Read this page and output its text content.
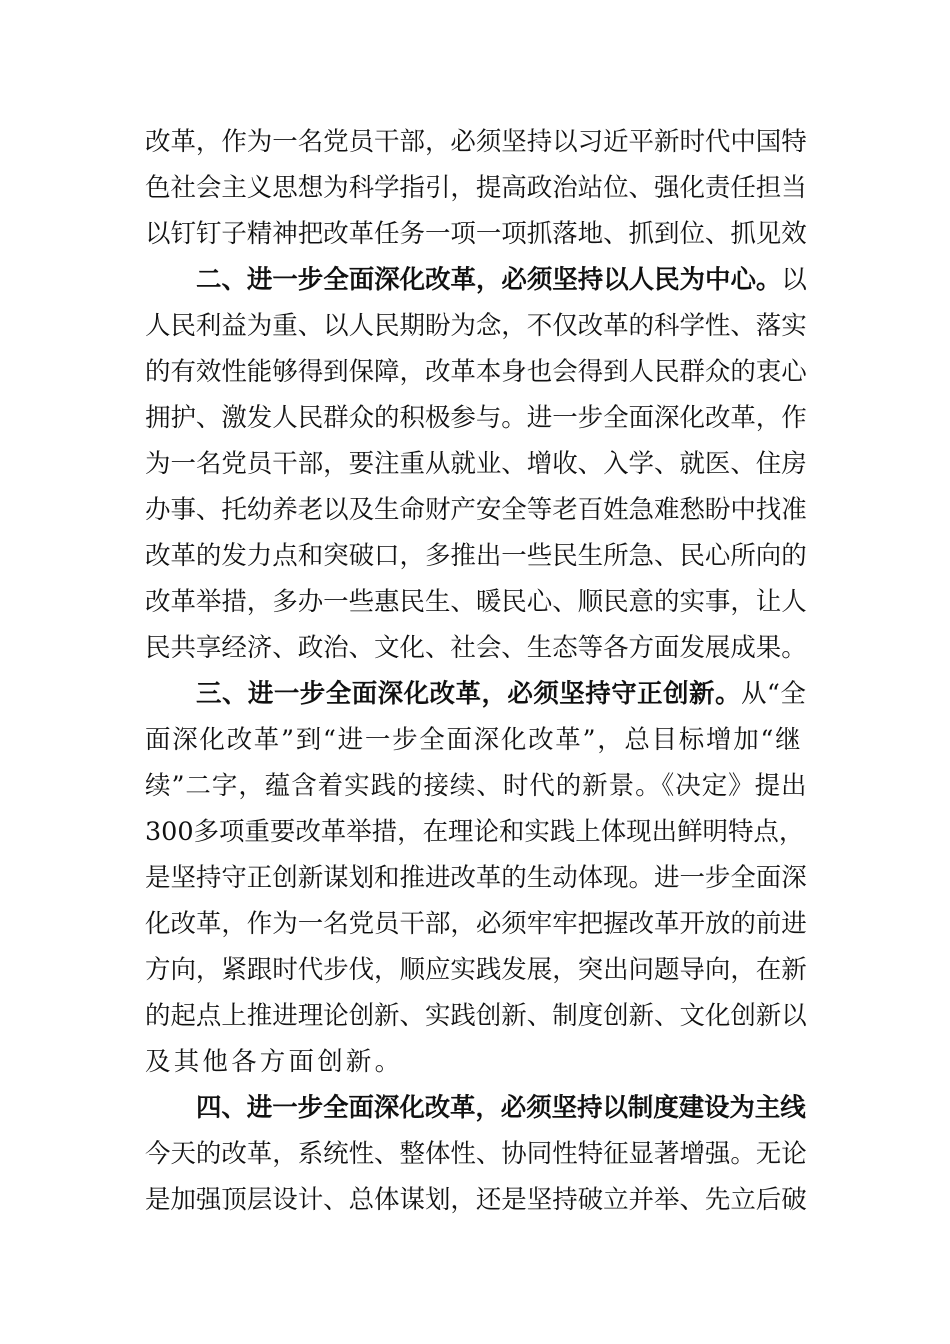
改革，作为一名党员干部，必须坚持以习近平新时代中国特
色社会主义思想为科学指引，提高政治站位、强化责任担当
以钉钉子精神把改革任务一项一项抓落地、抓到位、抓见效
二、进一步全面深化改革，必须坚持以人民为中心。以
人民利益为重、以人民期盼为念，不仅改革的科学性、落实
的有效性能够得到保障，改革本身也会得到人民群众的衷心
拥护、激发人民群众的积极参与。进一步全面深化改革，作
为一名党员干部，要注重从就业、增收、入学、就医、住房
办事、托幼养老以及生命财产安全等老百姓急难愁盼中找准
改革的发力点和突破口，多推出一些民生所急、民心所向的
改革举措，多办一些惠民生、暖民心、顺民意的实事，让人
民共享经济、政治、文化、社会、生态等各方面发展成果。
三、进一步全面深化改革，必须坚持守正创新。从“全
面深化改革”到“进一步全面深化改革”，总目标增加“继
续”二字，蕴含着实践的接续、时代的新景。《决定》提出
300多项重要改革举措，在理论和实践上体现出鲜明特点，
是坚持守正创新谋划和推进改革的生动体现。进一步全面深
化改革，作为一名党员干部，必须牢牢把握改革开放的前进
方向，紧跟时代步伐，顺应实践发展，突出问题导向，在新
的起点上推进理论创新、实践创新、制度创新、文化创新以
及其他各方面创新。
四、进一步全面深化改革，必须坚持以制度建设为主线
今天的改革，系统性、整体性、协同性特征显著增强。无论
是加强顶层设计、总体谋划，还是坚持破立并举、先立后破
